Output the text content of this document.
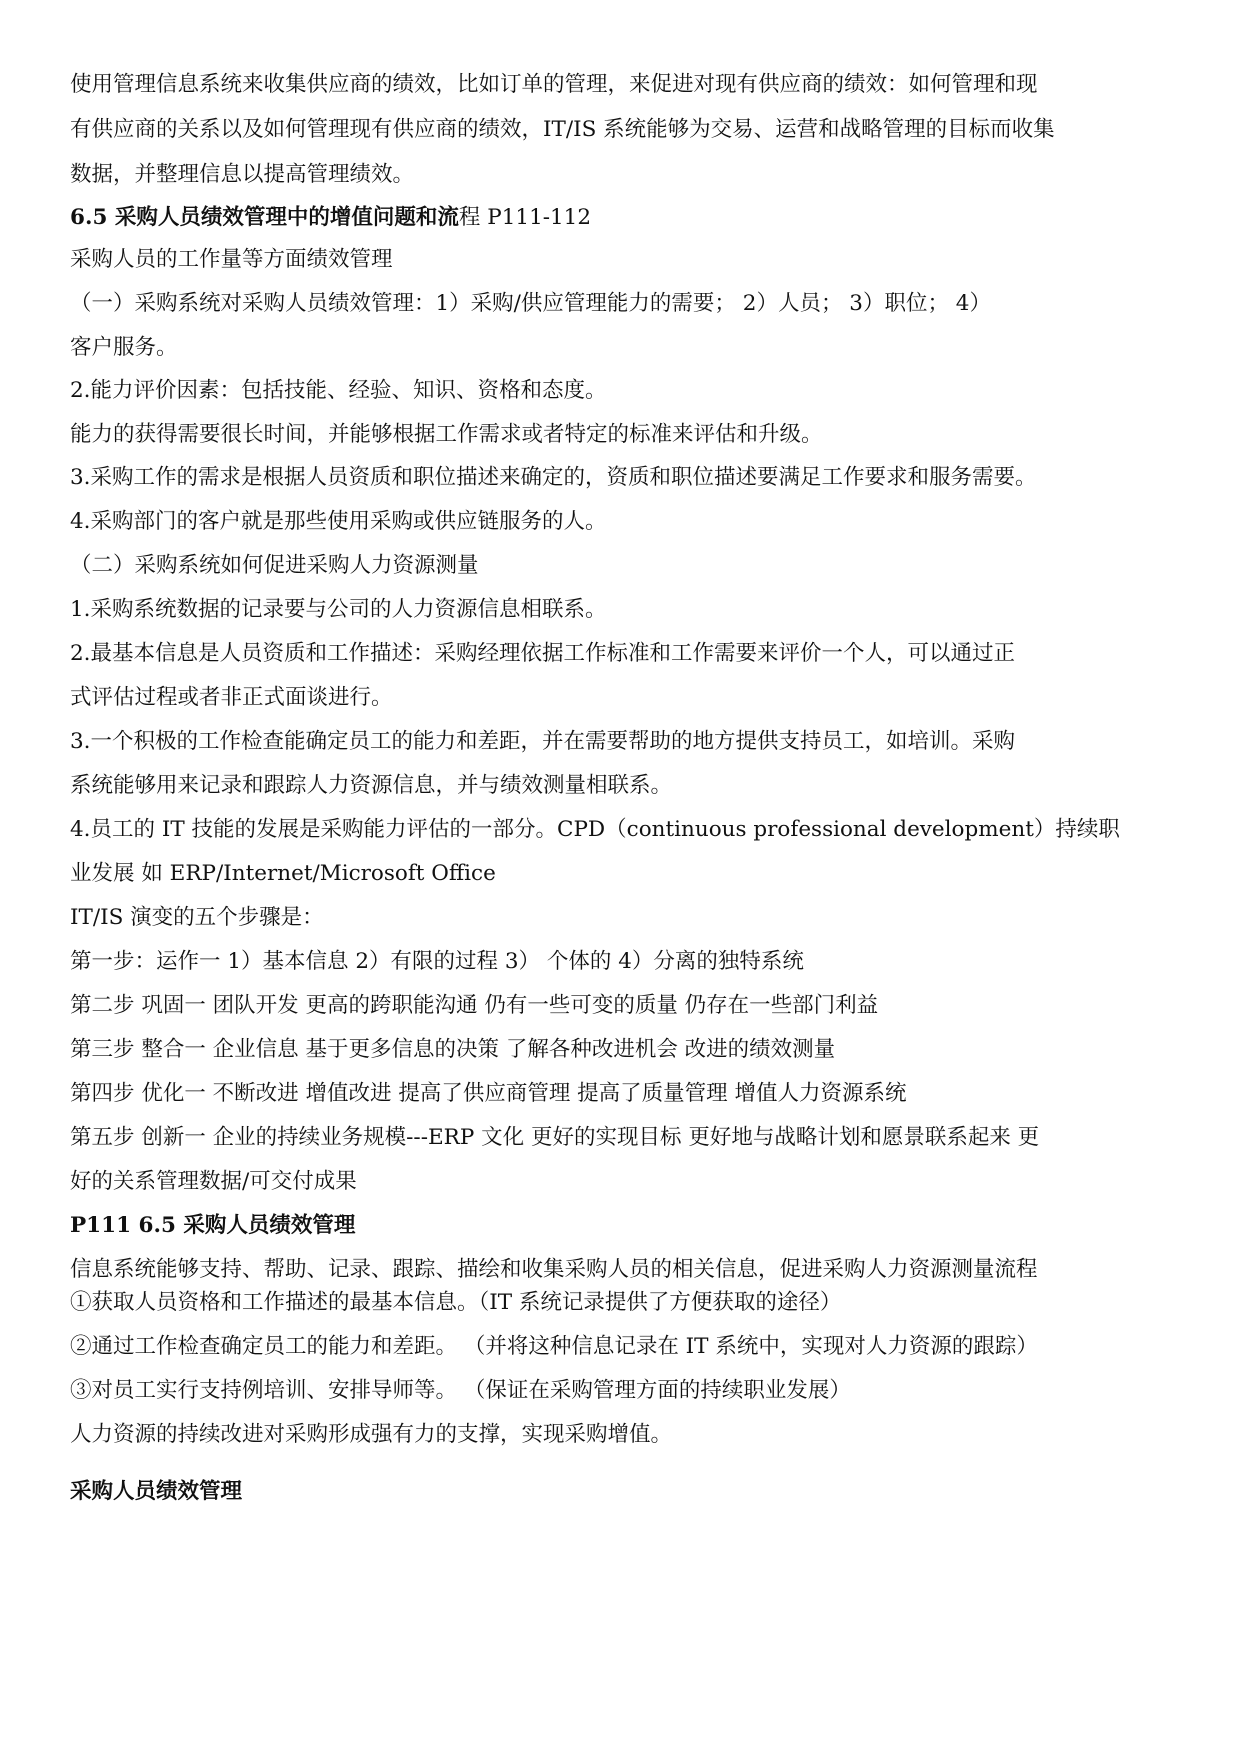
使用管理信息系统来收集供应商的绩效，比如订单的管理，来促进对现有供应商的绩效：如何管理和现
有供应商的关系以及如何管理现有供应商的绩效，IT/IS 系统能够为交易、运营和战略管理的目标而收集
数据，并整理信息以提高管理绩效。
6.5 采购人员绩效管理中的增值问题和流程 P111-112
采购人员的工作量等方面绩效管理
（一）采购系统对采购人员绩效管理：1）采购/供应管理能力的需要； 2）人员； 3）职位； 4）
客户服务。
2.能力评价因素：包括技能、经验、知识、资格和态度。
能力的获得需要很长时间，并能够根据工作需求或者特定的标准来评估和升级。
3.采购工作的需求是根据人员资质和职位描述来确定的，资质和职位描述要满足工作要求和服务需要。
4.采购部门的客户就是那些使用采购或供应链服务的人。
（二）采购系统如何促进采购人力资源测量
1.采购系统数据的记录要与公司的人力资源信息相联系。
2.最基本信息是人员资质和工作描述：采购经理依据工作标准和工作需要来评价一个人，可以通过正
式评估过程或者非正式面谈进行。
3.一个积极的工作检查能确定员工的能力和差距，并在需要帮助的地方提供支持员工，如培训。采购
系统能够用来记录和跟踪人力资源信息，并与绩效测量相联系。
4.员工的 IT 技能的发展是采购能力评估的一部分。CPD（continuous professional development）持续职
业发展 如 ERP/Internet/Microsoft Office
IT/IS 演变的五个步骤是：
第一步：运作一 1）基本信息 2）有限的过程 3） 个体的 4）分离的独特系统
第二步 巩固一 团队开发 更高的跨职能沟通 仍有一些可变的质量 仍存在一些部门利益
第三步 整合一 企业信息 基于更多信息的决策 了解各种改进机会 改进的绩效测量
第四步 优化一 不断改进 增值改进 提高了供应商管理 提高了质量管理 增值人力资源系统
第五步 创新一 企业的持续业务规模---ERP 文化 更好的实现目标 更好地与战略计划和愿景联系起来 更
好的关系管理数据/可交付成果
P111 6.5 采购人员绩效管理
信息系统能够支持、帮助、记录、跟踪、描绘和收集采购人员的相关信息，促进采购人力资源测量流程
①获取人员资格和工作描述的最基本信息。（IT 系统记录提供了方便获取的途径）
②通过工作检查确定员工的能力和差距。 （并将这种信息记录在 IT 系统中，实现对人力资源的跟踪）
③对员工实行支持例培训、安排导师等。 （保证在采购管理方面的持续职业发展）
人力资源的持续改进对采购形成强有力的支撑，实现采购增值。
采购人员绩效管理
